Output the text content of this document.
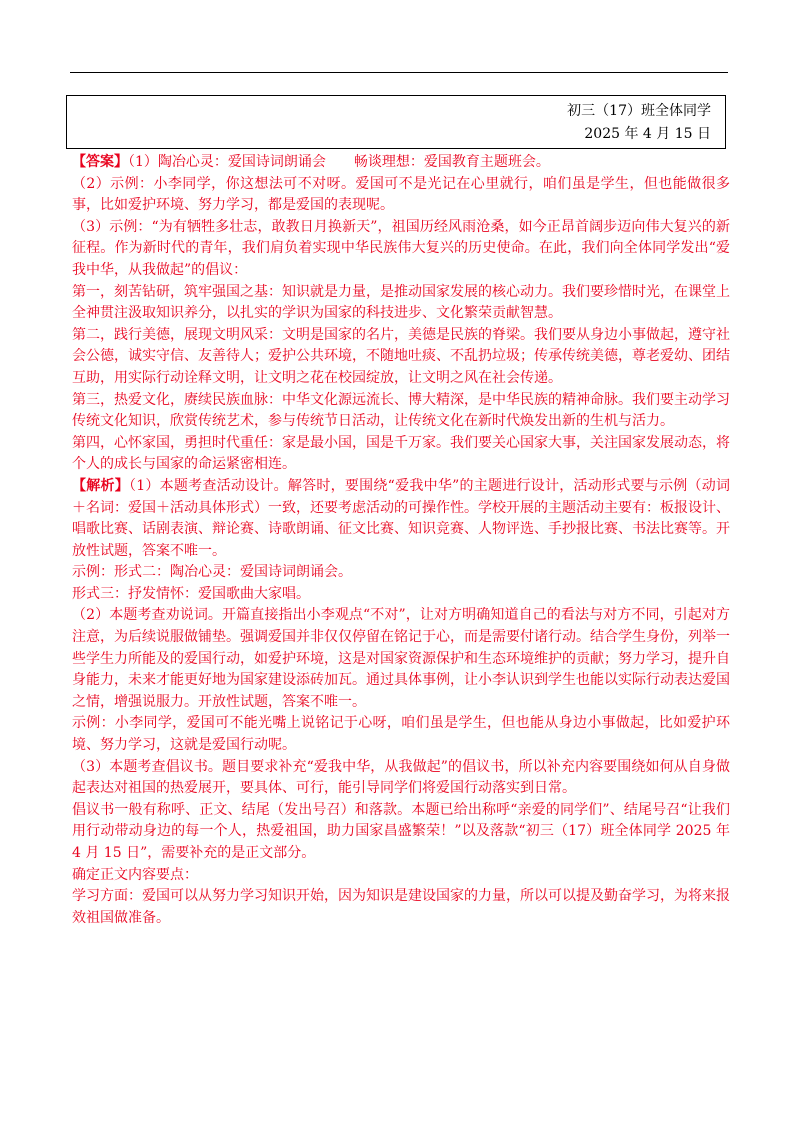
初三（17）班全体同学
2025 年 4 月 15 日

【答案】（1）陶冶心灵：爱国诗词朗诵会 畅谈理想：爱国教育主题班会。

（2）示例：小李同学，你这想法可不对呀。爱国可不是光记在心里就行，咱们虽是学生，但也能做很多事，比如爱护环境、努力学习，都是爱国的表现呢。

（3）示例：“为有牺牲多壮志，敢教日月换新天”，祖国历经风雨沧桑，如今正昂首阔步迈向伟大复兴的新征程。作为新时代的青年，我们肩负着实现中华民族伟大复兴的历史使命。在此，我们向全体同学发出“爱我中华，从我做起”的倡议：

第一，刻苦钻研，筑牢强国之基：知识就是力量，是推动国家发展的核心动力。我们要珍惜时光，在课堂上全神贯注汲取知识养分，以扎实的学识为国家的科技进步、文化繁荣贡献智慧。

第二，践行美德，展现文明风采：文明是国家的名片，美德是民族的脊梁。我们要从身边小事做起，遵守社会公德，诚实守信、友善待人；爱护公共环境，不随地吐痰、不乱扔垃圾；传承传统美德，尊老爱幼、团结互助，用实际行动诠释文明，让文明之花在校园绽放，让文明之风在社会传递。

第三，热爱文化，赓续民族血脉：中华文化源远流长、博大精深，是中华民族的精神命脉。我们要主动学习传统文化知识，欣赏传统艺术，参与传统节日活动，让传统文化在新时代焕发出新的生机与活力。

第四，心怀家国，勇担时代重任：家是最小国，国是千万家。我们要关心国家大事，关注国家发展动态，将个人的成长与国家的命运紧密相连。

【解析】（1）本题考查活动设计。解答时，要围绕“爱我中华”的主题进行设计，活动形式要与示例（动词＋名词：爱国＋活动具体形式）一致，还要考虑活动的可操作性。学校开展的主题活动主要有：板报设计、唱歌比赛、话剧表演、辩论赛、诗歌朗诵、征文比赛、知识竞赛、人物评选、手抄报比赛、书法比赛等。开放性试题，答案不唯一。

示例：形式二：陶冶心灵：爱国诗词朗诵会。

形式三：抒发情怀：爱国歌曲大家唱。

（2）本题考查劝说词。开篇直接指出小李观点“不对”，让对方明确知道自己的看法与对方不同，引起对方注意，为后续说服做铺垫。强调爱国并非仅仅停留在铭记于心，而是需要付诸行动。结合学生身份，列举一些学生力所能及的爱国行动，如爱护环境，这是对国家资源保护和生态环境维护的贡献；努力学习，提升自身能力，未来才能更好地为国家建设添砖加瓦。通过具体事例，让小李认识到学生也能以实际行动表达爱国之情，增强说服力。开放性试题，答案不唯一。

示例：小李同学，爱国可不能光嘴上说铭记于心呀，咱们虽是学生，但也能从身边小事做起，比如爱护环境、努力学习，这就是爱国行动呢。

（3）本题考查倡议书。题目要求补充“爱我中华，从我做起”的倡议书，所以补充内容要围绕如何从自身做起表达对祖国的热爱展开，要具体、可行，能引导同学们将爱国行动落实到日常。

倡议书一般有称呼、正文、结尾（发出号召）和落款。本题已给出称呼“亲爱的同学们”、结尾号召“让我们用行动带动身边的每一个人，热爱祖国，助力国家昌盛繁荣！”以及落款“初三（17）班全体同学 2025 年 4 月 15 日”，需要补充的是正文部分。

确定正文内容要点：

学习方面：爱国可以从努力学习知识开始，因为知识是建设国家的力量，所以可以提及勤奋学习，为将来报效祖国做准备。
